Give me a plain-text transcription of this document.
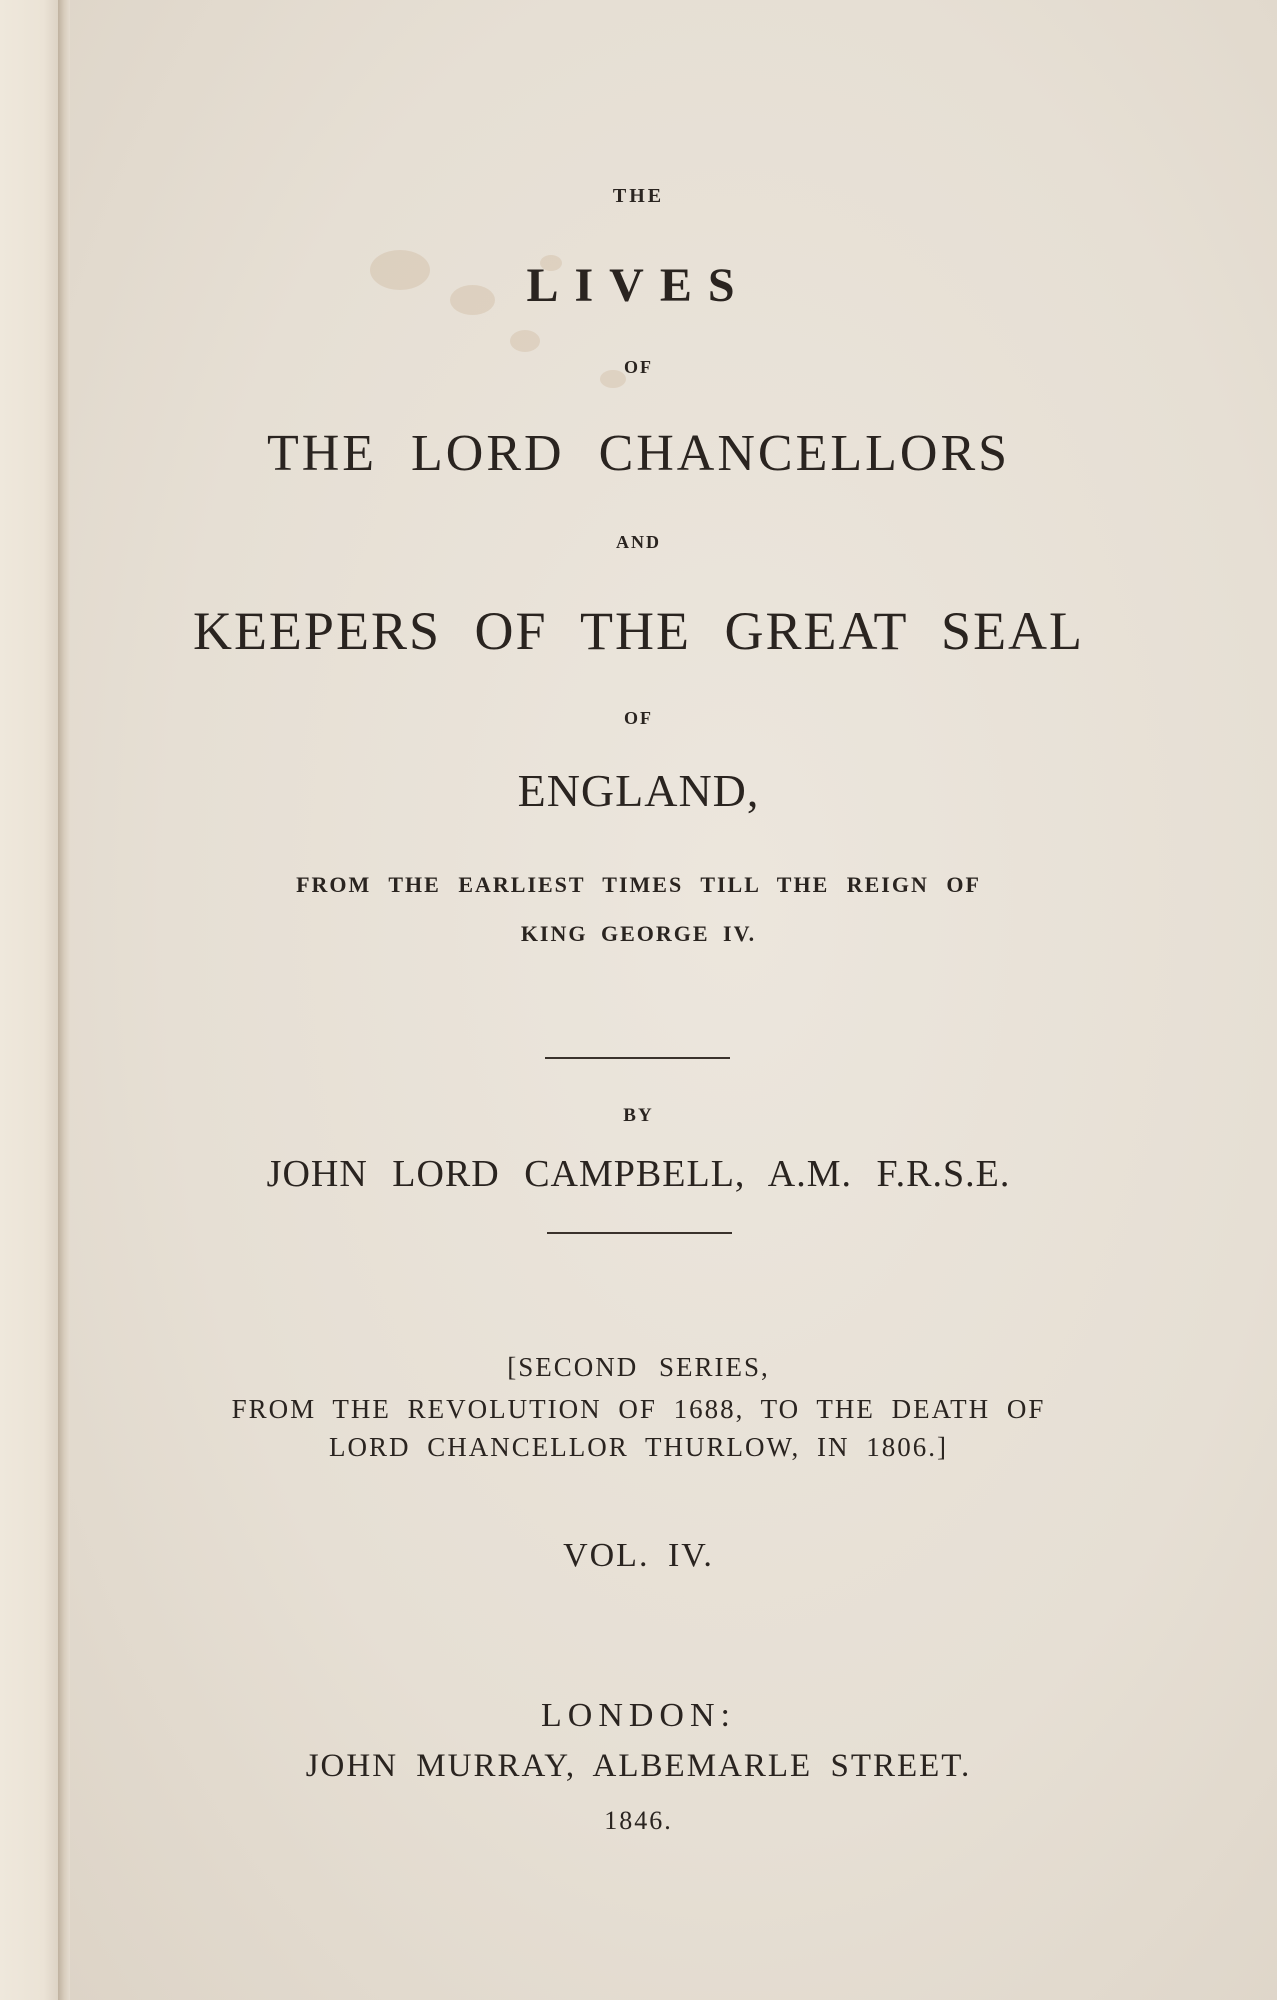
THE
LIVES
OF
THE LORD CHANCELLORS
AND
KEEPERS OF THE GREAT SEAL
OF
ENGLAND,
FROM THE EARLIEST TIMES TILL THE REIGN OF
KING GEORGE IV.
BY
JOHN LORD CAMPBELL, A.M. F.R.S.E.
[SECOND SERIES,
FROM THE REVOLUTION OF 1688, TO THE DEATH OF
LORD CHANCELLOR THURLOW, IN 1806.]
VOL. IV.
LONDON:
JOHN MURRAY, ALBEMARLE STREET.
1846.
